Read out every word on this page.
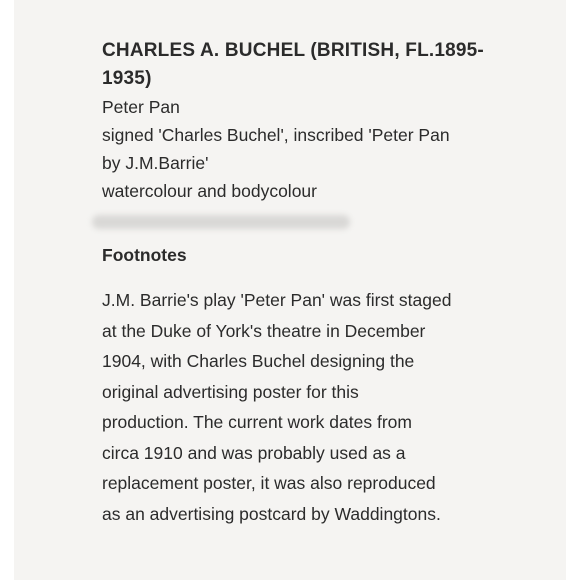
CHARLES A. BUCHEL (BRITISH, FL.1895-

1935)

Peter Pan

signed 'Charles Buchel', inscribed 'Peter Pan

by J.M.Barrie'

watercolour and bodycolour

Footnotes

J.M. Barrie's play 'Peter Pan' was first staged

at the Duke of York's theatre in December

1904, with Charles Buchel designing the

original advertising poster for this

production. The current work dates from

circa 1910 and was probably used as a

replacement poster, it was also reproduced

as an advertising postcard by Waddingtons.
